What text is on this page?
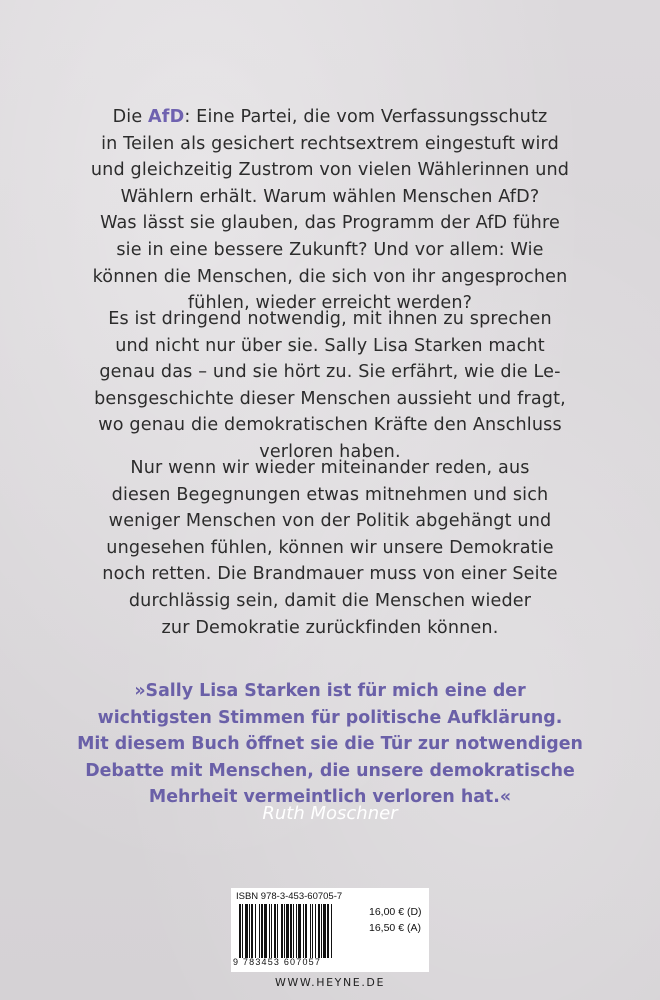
Die AfD: Eine Partei, die vom Verfassungsschutz
in Teilen als gesichert rechtsextrem eingestuft wird
und gleichzeitig Zustrom von vielen Wählerinnen und
Wählern erhält. Warum wählen Menschen AfD?
Was lässt sie glauben, das Programm der AfD führe
sie in eine bessere Zukunft? Und vor allem: Wie
können die Menschen, die sich von ihr angesprochen
fühlen, wieder erreicht werden?

Es ist dringend notwendig, mit ihnen zu sprechen
und nicht nur über sie. Sally Lisa Starken macht
genau das – und sie hört zu. Sie erfährt, wie die Le-
bensgeschichte dieser Menschen aussieht und fragt,
wo genau die demokratischen Kräfte den Anschluss
verloren haben.

Nur wenn wir wieder miteinander reden, aus
diesen Begegnungen etwas mitnehmen und sich
weniger Menschen von der Politik abgehängt und
ungesehen fühlen, können wir unsere Demokratie
noch retten. Die Brandmauer muss von einer Seite
durchlässig sein, damit die Menschen wieder
zur Demokratie zurückfinden können.

»Sally Lisa Starken ist für mich eine der
wichtigsten Stimmen für politische Aufklärung.
Mit diesem Buch öffnet sie die Tür zur notwendigen
Debatte mit Menschen, die unsere demokratische
Mehrheit vermeintlich verloren hat.«

Ruth Moschner

ISBN 978-3-453-60705-7
9 783453 607057
16,00 € (D)
16,50 € (A)

WWW.HEYNE.DE
